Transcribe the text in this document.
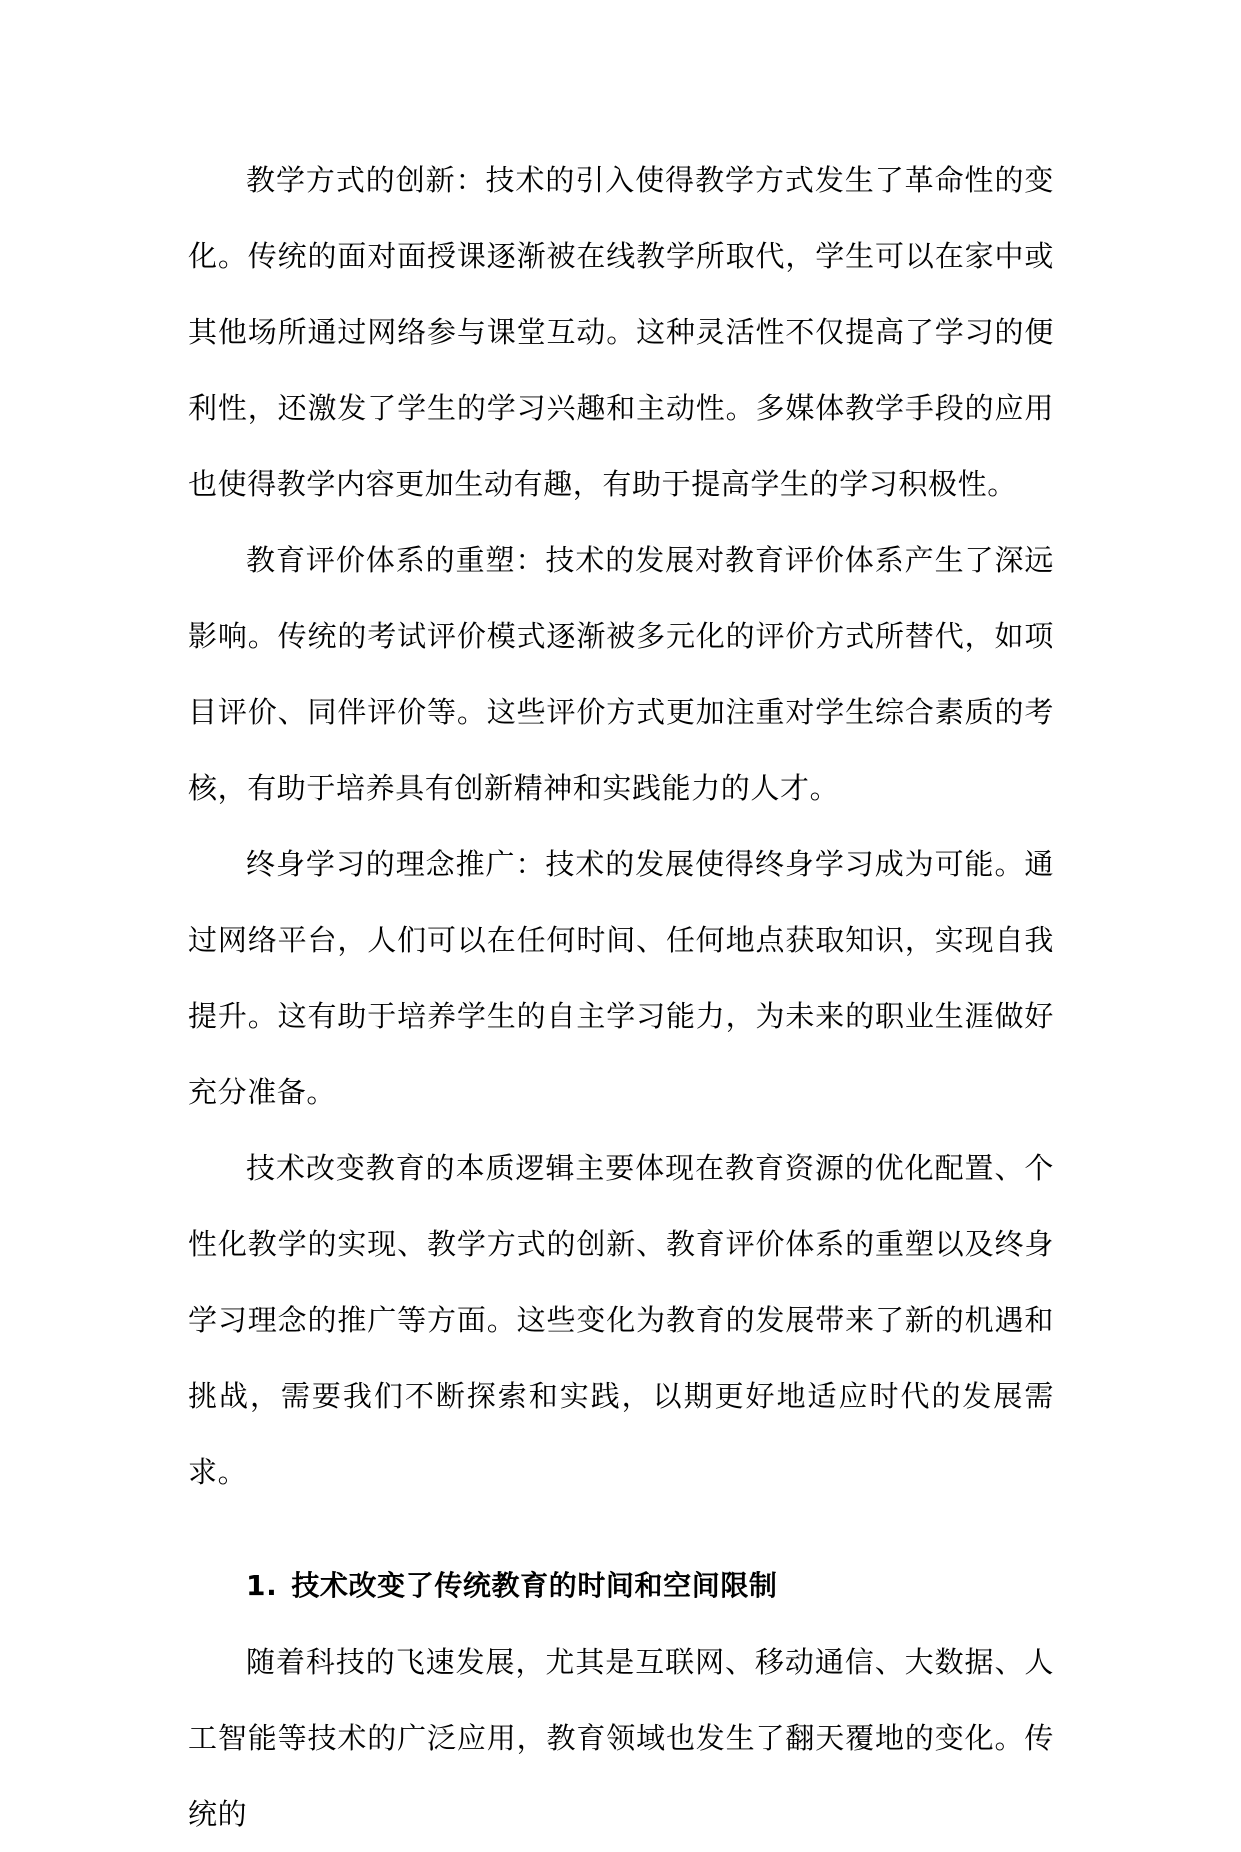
教学方式的创新：技术的引入使得教学方式发生了革命性的变化。传统的面对面授课逐渐被在线教学所取代，学生可以在家中或其他场所通过网络参与课堂互动。这种灵活性不仅提高了学习的便利性，还激发了学生的学习兴趣和主动性。多媒体教学手段的应用也使得教学内容更加生动有趣，有助于提高学生的学习积极性。

教育评价体系的重塑：技术的发展对教育评价体系产生了深远影响。传统的考试评价模式逐渐被多元化的评价方式所替代，如项目评价、同伴评价等。这些评价方式更加注重对学生综合素质的考核，有助于培养具有创新精神和实践能力的人才。

终身学习的理念推广：技术的发展使得终身学习成为可能。通过网络平台，人们可以在任何时间、任何地点获取知识，实现自我提升。这有助于培养学生的自主学习能力，为未来的职业生涯做好充分准备。

技术改变教育的本质逻辑主要体现在教育资源的优化配置、个性化教学的实现、教学方式的创新、教育评价体系的重塑以及终身学习理念的推广等方面。这些变化为教育的发展带来了新的机遇和挑战，需要我们不断探索和实践，以期更好地适应时代的发展需求。

1. 技术改变了传统教育的时间和空间限制

随着科技的飞速发展，尤其是互联网、移动通信、大数据、人工智能等技术的广泛应用，教育领域也发生了翻天覆地的变化。传统的
